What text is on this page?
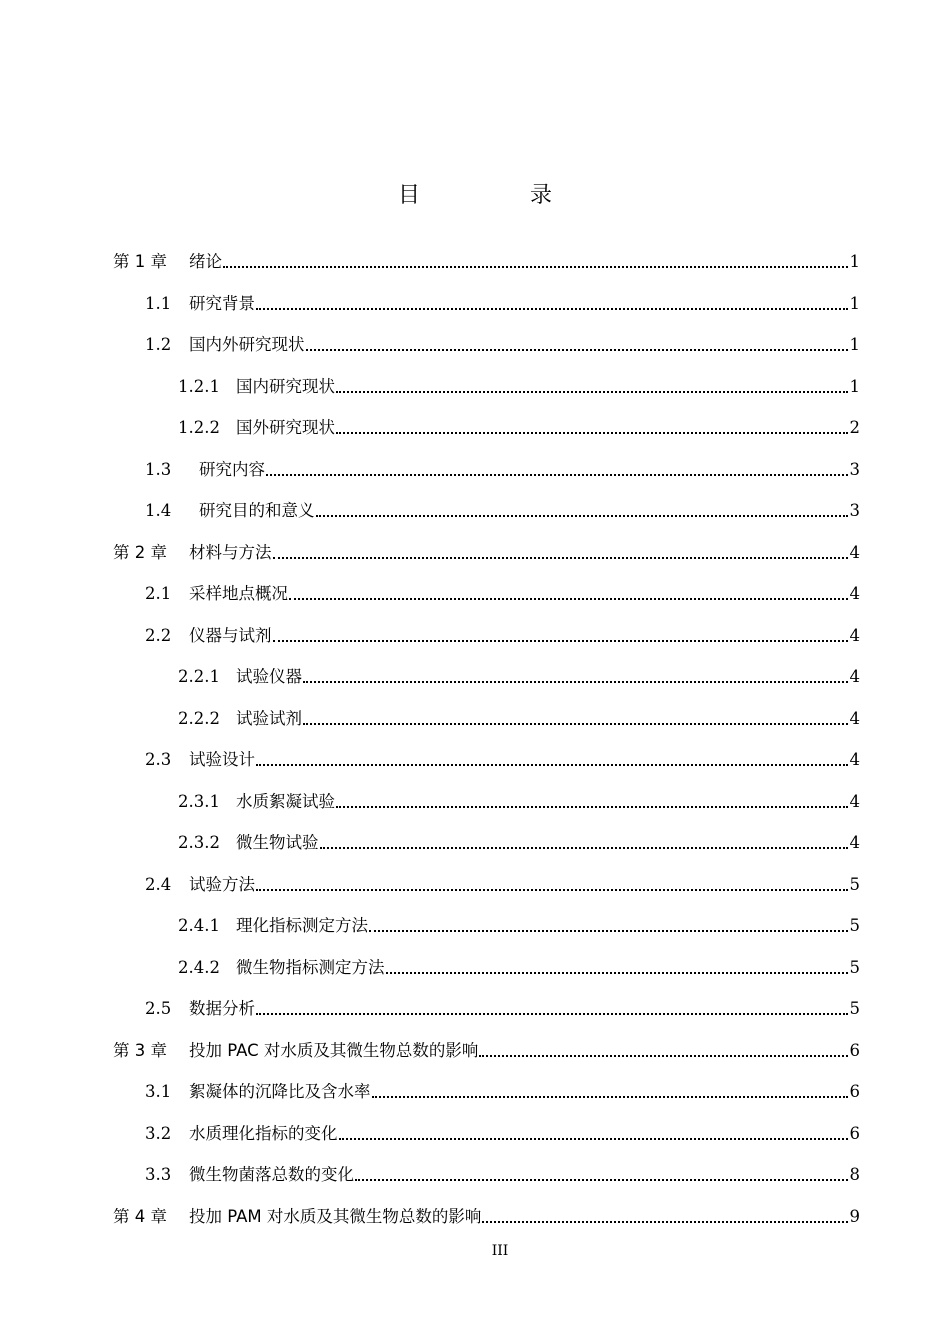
目　录
第 1 章	绪论	1
1.1	研究背景	1
1.2	国内外研究现状	1
1.2.1 国内研究现状	1
1.2.2 国外研究现状	2
1.3	研究内容	3
1.4	研究目的和意义	3
第 2 章	材料与方法	4
2.1	采样地点概况	4
2.2	仪器与试剂	4
2.2.1 试验仪器	4
2.2.2 试验试剂	4
2.3	试验设计	4
2.3.1 水质絮凝试验	4
2.3.2 微生物试验	4
2.4	试验方法	5
2.4.1 理化指标测定方法	5
2.4.2 微生物指标测定方法	5
2.5	数据分析	5
第 3 章	投加 PAC 对水质及其微生物总数的影响	6
3.1	絮凝体的沉降比及含水率	6
3.2	水质理化指标的变化	6
3.3	微生物菌落总数的变化	8
第 4 章	投加 PAM 对水质及其微生物总数的影响	9
III
